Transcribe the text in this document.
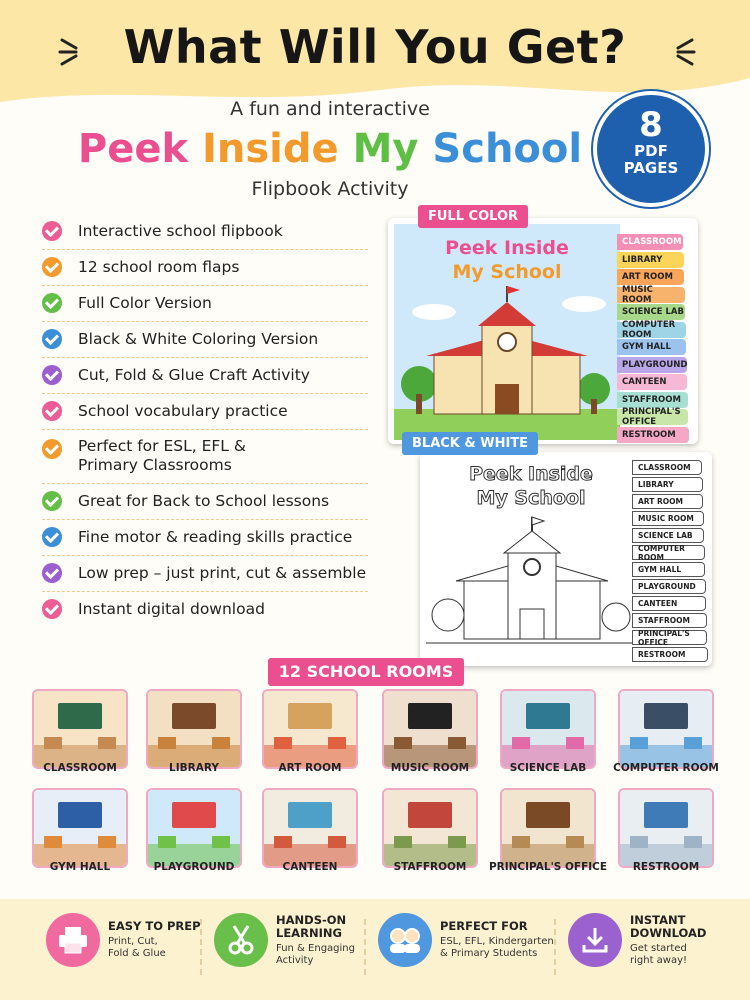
What Will You Get?
A fun and interactive
Peek Inside My School
Flipbook Activity
8
PDF
PAGES
Interactive school flipbook
12 school room flaps
Full Color Version
Black & White Coloring Version
Cut, Fold & Glue Craft Activity
School vocabulary practice
Perfect for ESL, EFL &
Primary Classrooms
Great for Back to School lessons
Fine motor & reading skills practice
Low prep – just print, cut & assemble
Instant digital download
Peek Inside
My School
CLASSROOM
LIBRARY
ART ROOM
MUSIC ROOM
SCIENCE LAB
COMPUTER ROOM
GYM HALL
PLAYGROUND
CANTEEN
STAFFROOM
PRINCIPAL'S OFFICE
RESTROOM
FULL COLOR
Peek Inside
My School
CLASSROOM
LIBRARY
ART ROOM
MUSIC ROOM
SCIENCE LAB
COMPUTER ROOM
GYM HALL
PLAYGROUND
CANTEEN
STAFFROOM
PRINCIPAL'S OFFICE
RESTROOM
BLACK & WHITE
12 SCHOOL ROOMS
CLASSROOM	LIBRARY	ART ROOM	MUSIC ROOM	SCIENCE LAB	COMPUTER ROOM
GYM HALL	PLAYGROUND	CANTEEN	STAFFROOM	PRINCIPAL'S OFFICE	RESTROOM
EASY TO PREP
Print, Cut,
Fold & Glue
HANDS-ON
LEARNING
Fun & Engaging
Activity
PERFECT FOR
ESL, EFL, Kindergarten
& Primary Students
INSTANT
DOWNLOAD
Get started
right away!
